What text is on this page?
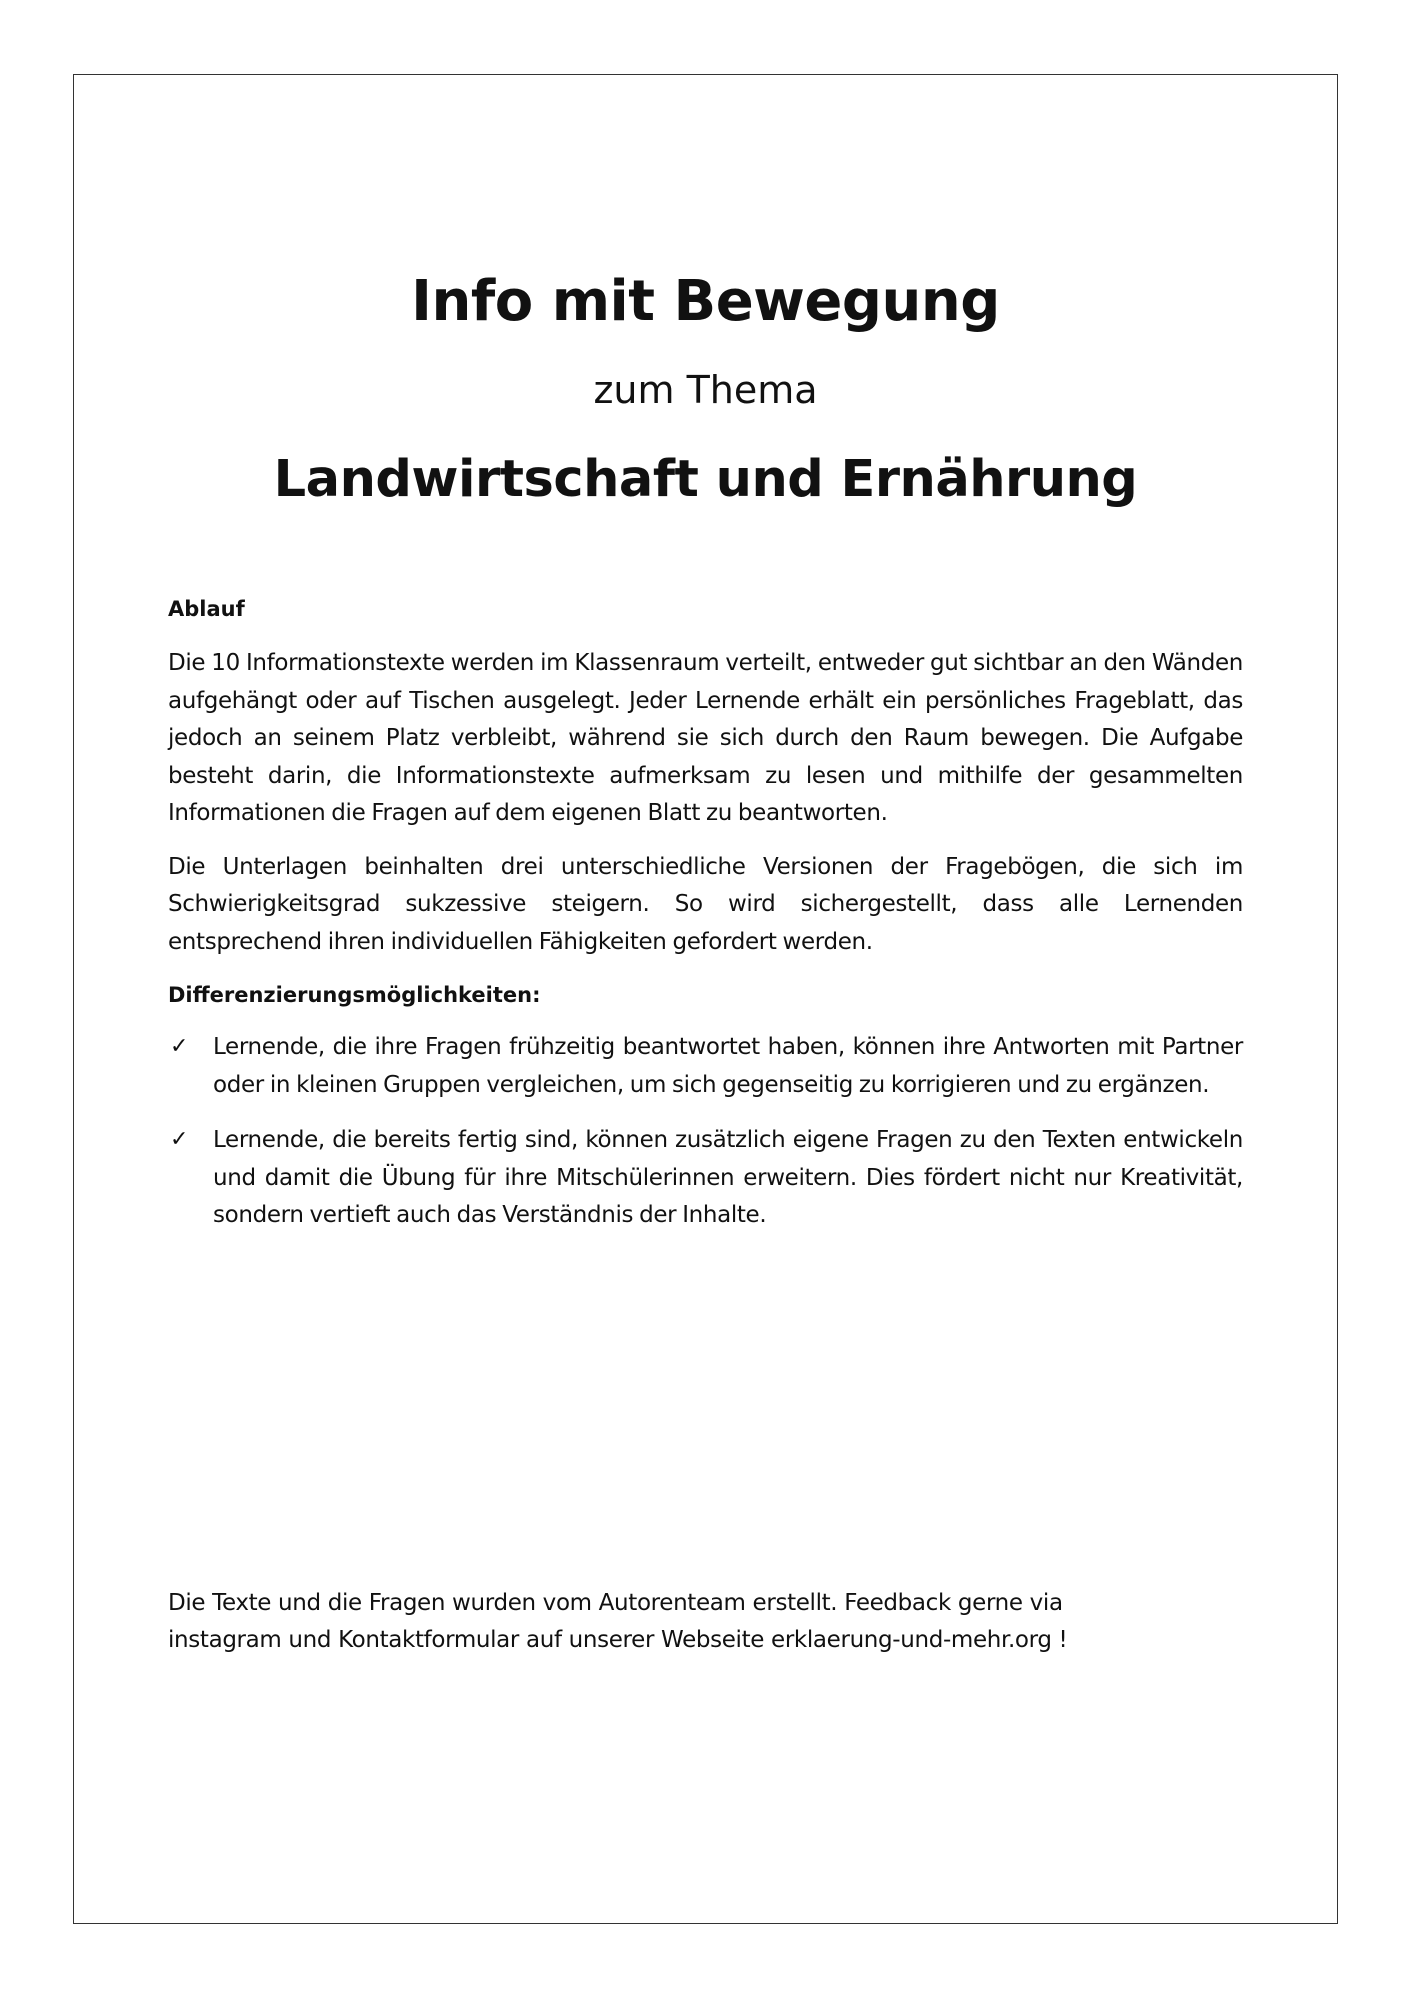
Info mit Bewegung
zum Thema
Landwirtschaft und Ernährung
Ablauf

Die 10 Informationstexte werden im Klassenraum verteilt, entweder gut sichtbar an den Wänden aufgehängt oder auf Tischen ausgelegt. Jeder Lernende erhält ein persönliches Frageblatt, das jedoch an seinem Platz verbleibt, während sie sich durch den Raum bewegen. Die Aufgabe besteht darin, die Informationstexte aufmerksam zu lesen und mithilfe der gesammelten Informationen die Fragen auf dem eigenen Blatt zu beantworten.

Die Unterlagen beinhalten drei unterschiedliche Versionen der Fragebögen, die sich im Schwierigkeitsgrad sukzessive steigern. So wird sichergestellt, dass alle Lernenden entsprechend ihren individuellen Fähigkeiten gefordert werden.

Differenzierungsmöglichkeiten:
✓ Lernende, die ihre Fragen frühzeitig beantwortet haben, können ihre Antworten mit Partner oder in kleinen Gruppen vergleichen, um sich gegenseitig zu korrigieren und zu ergänzen.
✓ Lernende, die bereits fertig sind, können zusätzlich eigene Fragen zu den Texten entwickeln und damit die Übung für ihre Mitschülerinnen erweitern. Dies fördert nicht nur Kreativität, sondern vertieft auch das Verständnis der Inhalte.

Die Texte und die Fragen wurden vom Autorenteam erstellt. Feedback gerne via
instagram und Kontaktformular auf unserer Webseite erklaerung-und-mehr.org !
